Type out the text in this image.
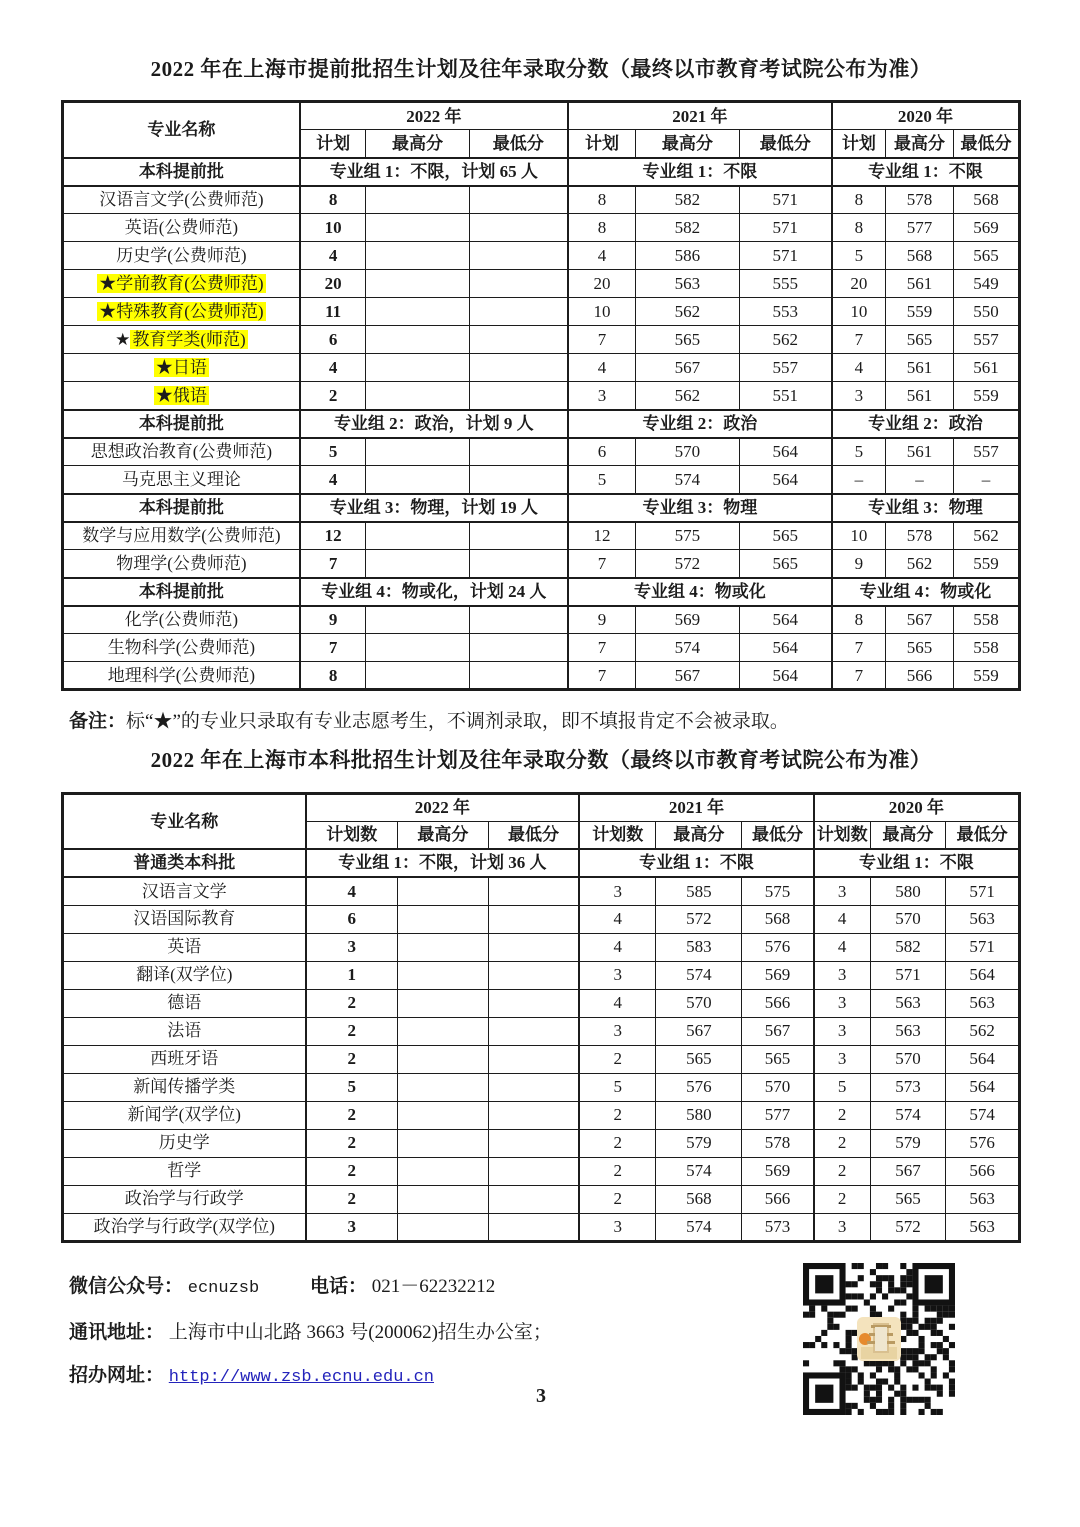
2022 年在上海市提前批招生计划及往年录取分数（最终以市教育考试院公布为准）
专业名称	2022 年			2021 年			2020 年		
	计划	最高分	最低分	计划	最高分	最低分	计划	最高分	最低分
本科提前批	专业组 1：不限，计划 65 人			专业组 1：不限			专业组 1：不限		
汉语言文学(公费师范)	8			8	582	571	8	578	568
英语(公费师范)	10			8	582	571	8	577	569
历史学(公费师范)	4			4	586	571	5	568	565
★学前教育(公费师范)	20			20	563	555	20	561	549
★特殊教育(公费师范)	11			10	562	553	10	559	550
★ 教育学类(师范)	6			7	565	562	7	565	557
★日语	4			4	567	557	4	561	561
★俄语	2			3	562	551	3	561	559
本科提前批	专业组 2：政治，计划 9 人			专业组 2：政治			专业组 2：政治		
思想政治教育(公费师范)	5			6	570	564	5	561	557
马克思主义理论	4			5	574	564	–	–	–
本科提前批	专业组 3：物理，计划 19 人			专业组 3：物理			专业组 3：物理		
数学与应用数学(公费师范)	12			12	575	565	10	578	562
物理学(公费师范)	7			7	572	565	9	562	559
本科提前批	专业组 4：物或化，计划 24 人			专业组 4：物或化			专业组 4：物或化		
化学(公费师范)	9			9	569	564	8	567	558
生物科学(公费师范)	7			7	574	564	7	565	558
地理科学(公费师范)	8			7	567	564	7	566	559
备注：标“★”的专业只录取有专业志愿考生，不调剂录取，即不填报肯定不会被录取。
2022 年在上海市本科批招生计划及往年录取分数（最终以市教育考试院公布为准）
专业名称	2022 年			2021 年			2020 年		
	计划数	最高分	最低分	计划数	最高分	最低分	计划数	最高分	最低分
普通类本科批	专业组 1：不限，计划 36 人			专业组 1：不限			专业组 1：不限		
汉语言文学	4			3	585	575	3	580	571
汉语国际教育	6			4	572	568	4	570	563
英语	3			4	583	576	4	582	571
翻译(双学位)	1			3	574	569	3	571	564
德语	2			4	570	566	3	563	563
法语	2			3	567	567	3	563	562
西班牙语	2			2	565	565	3	570	564
新闻传播学类	5			5	576	570	5	573	564
新闻学(双学位)	2			2	580	577	2	574	574
历史学	2			2	579	578	2	579	576
哲学	2			2	574	569	2	567	566
政治学与行政学	2			2	568	566	2	565	563
政治学与行政学(双学位)	3			3	574	573	3	572	563
微信公众号： ecnuzsb	电话： 021－62232212
通讯地址： 上海市中山北路 3663 号(200062)招生办公室；
招办网址： http://www.zsb.ecnu.edu.cn
3
